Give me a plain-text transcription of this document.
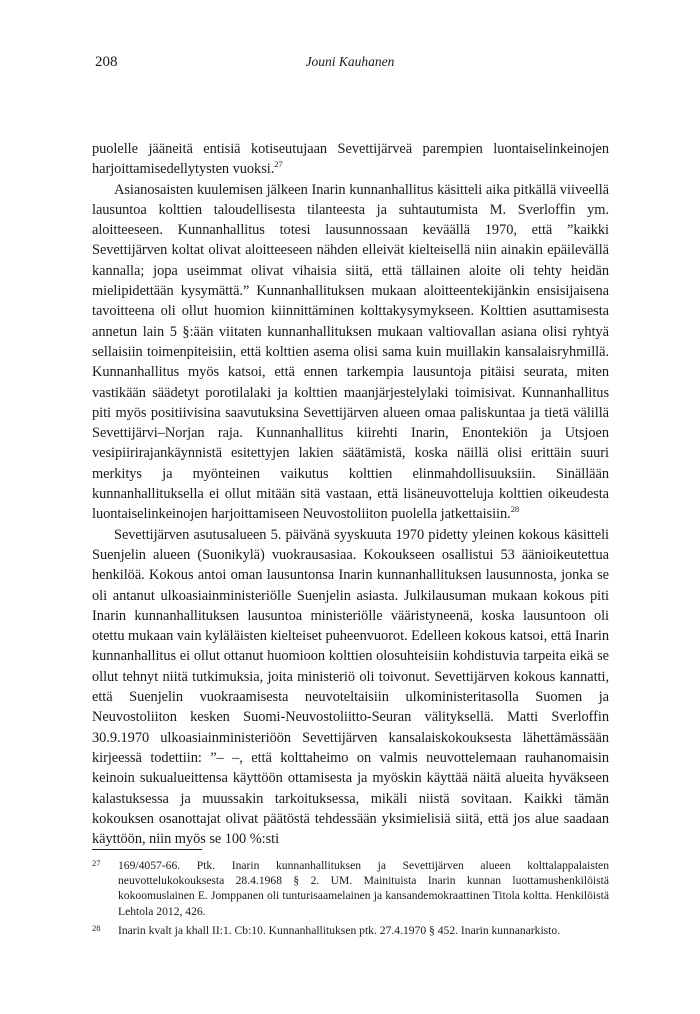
208	Jouni Kauhanen

puolelle jääneitä entisiä kotiseutujaan Sevettijärveä parempien luontaiselinkeinojen harjoittamisedellytysten vuoksi.$^{27}$

Asianosaisten kuulemisen jälkeen Inarin kunnanhallitus käsitteli aika pitkällä viiveellä lausuntoa kolttien taloudellisesta tilanteesta ja suhtautumista M. Sverloffin ym. aloitteeseen. Kunnanhallitus totesi lausunnossaan keväällä 1970, että ”kaikki Sevettijärven koltat olivat aloitteeseen nähden elleivät kielteisellä niin ainakin epäilevällä kannalla; jopa useimmat olivat vihaisia siitä, että tällainen aloite oli tehty heidän mielipidettään kysymättä.” Kunnanhallituksen mukaan aloitteentekijänkin ensisijaisena tavoitteena oli ollut huomion kiinnittäminen kolttakysymykseen. Kolttien asuttamisesta annetun lain 5 §:ään viitaten kunnanhallituksen mukaan valtiovallan asiana olisi ryhtyä sellaisiin toimenpiteisiin, että kolttien asema olisi sama kuin muillakin kansalaisryhmillä. Kunnanhallitus myös katsoi, että ennen tarkempia lausuntoja pitäisi seurata, miten vastikään säädetyt porotilalaki ja kolttien maanjärjestelylaki toimisivat. Kunnanhallitus piti myös positiivisina saavutuksina Sevettijärven alueen omaa paliskuntaa ja tietä välillä Sevettijärvi–Norjan raja. Kunnanhallitus kiirehti Inarin, Enontekiön ja Utsjoen vesipiirirajankäynnistä esitettyjen lakien säätämistä, koska näillä olisi erittäin suuri merkitys ja myönteinen vaikutus kolttien elinmahdollisuuksiin. Sinällään kunnanhallituksella ei ollut mitään sitä vastaan, että lisäneuvotteluja kolttien oikeudesta luontaiselinkeinojen harjoittamiseen Neuvostoliiton puolella jatkettaisiin.$^{28}$

Sevettijärven asutusalueen 5. päivänä syyskuuta 1970 pidetty yleinen kokous käsitteli Suenjelin alueen (Suonikylä) vuokrausasiaa. Kokoukseen osallistui 53 äänioikeutettua henkilöä. Kokous antoi oman lausuntonsa Inarin kunnanhallituksen lausunnosta, jonka se oli antanut ulkoasiainministeriölle Suenjelin asiasta. Julkilausuman mukaan kokous piti Inarin kunnanhallituksen lausuntoa ministeriölle vääristyneenä, koska lausuntoon oli otettu mukaan vain kyläläisten kielteiset puheenvuorot. Edelleen kokous katsoi, että Inarin kunnanhallitus ei ollut ottanut huomioon kolttien olosuhteisiin kohdistuvia tarpeita eikä se ollut tehnyt niitä tutkimuksia, joita ministeriö oli toivonut. Sevettijärven kokous kannatti, että Suenjelin vuokraamisesta neuvoteltaisiin ulkoministeritasolla Suomen ja Neuvostoliiton kesken Suomi-Neuvostoliitto-Seuran välityksellä. Matti Sverloffin 30.9.1970 ulkoasiainministeriöön Sevettijärven kansalaiskokouksesta lähettämässään kirjeessä todettiin: ”– –, että kolttaheimo on valmis neuvottelemaan rauhanomaisin keinoin sukualueittensa käyttöön ottamisesta ja myöskin käyttää näitä alueita hyväkseen kalastuksessa ja muussakin tarkoituksessa, mikäli niistä sovitaan. Kaikki tämän kokouksen osanottajat olivat päätöstä tehdessään yksimielisiä siitä, että jos alue saadaan käyttöön, niin myös se 100 %:sti

27 169/4057-66. Ptk. Inarin kunnanhallituksen ja Sevettijärven alueen kolttalappalaisten neuvottelukokouksesta 28.4.1968 § 2. UM. Mainituista Inarin kunnan luottamushenkilöistä kokoomuslainen E. Jomppanen oli tunturisaamelainen ja kansandemokraattinen Titola koltta. Henkilöistä Lehtola 2012, 426.

28 Inarin kvalt ja khall II:1. Cb:10. Kunnanhallituksen ptk. 27.4.1970 § 452. Inarin kunnanarkisto.
